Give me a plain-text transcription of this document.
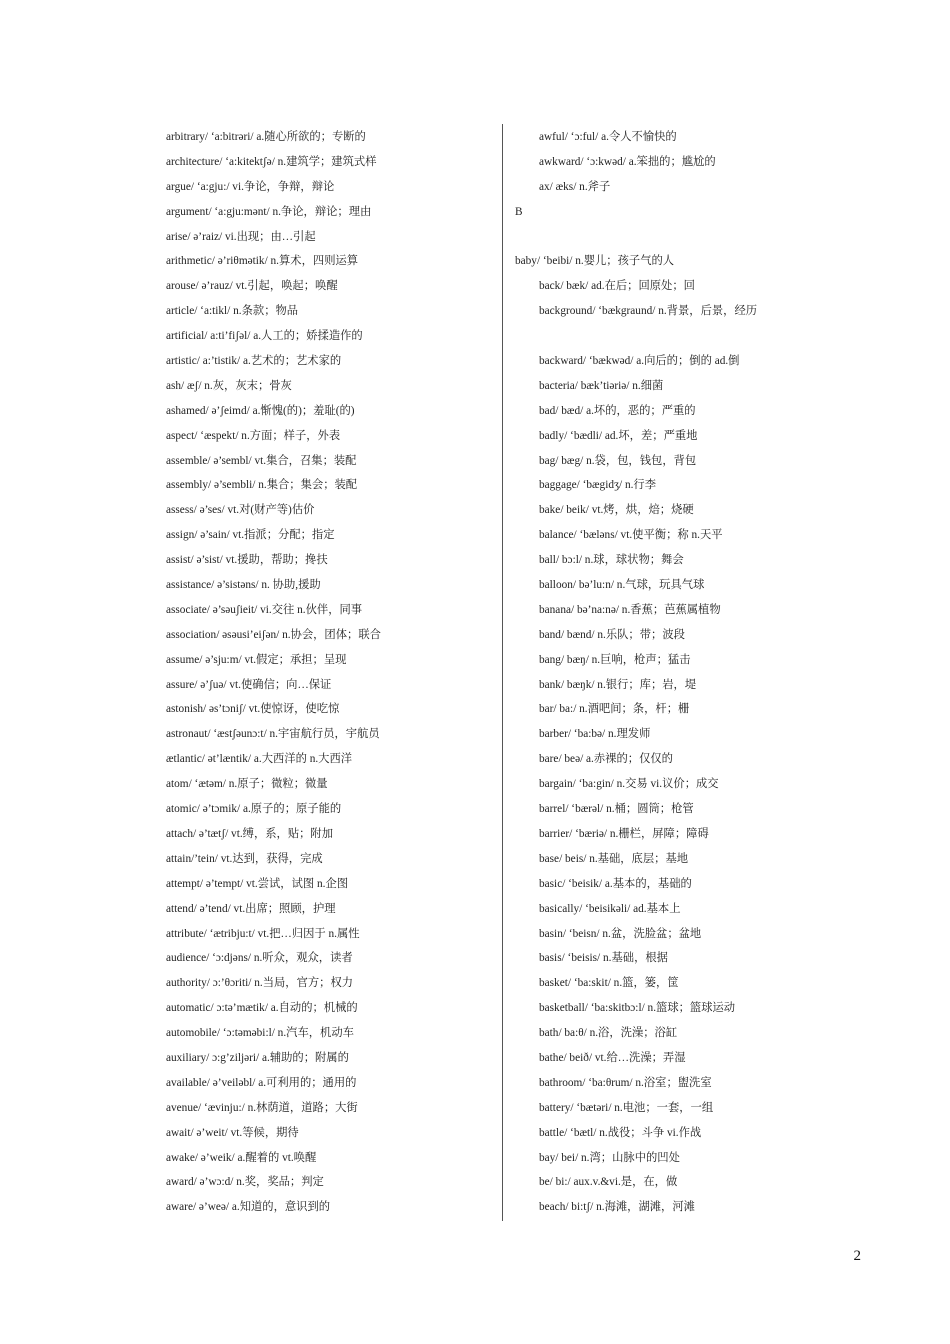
arbitrary/ ‘a:bitrəri/ a.随心所欲的；专断的
architecture/ ‘a:kitektʃə/ n.建筑学；建筑式样
argue/ ‘a:gju:/ vi.争论，争辩，辩论
argument/ ‘a:gju:mənt/ n.争论，辩论；理由
arise/ ə’raiz/ vi.出现；由…引起
arithmetic/ ə’riθmətik/ n.算术，四则运算
arouse/ ə’rauz/ vt.引起，唤起；唤醒
article/ ‘a:tikl/ n.条款；物品
artificial/ a:ti’fiʃəl/ a.人工的；娇揉造作的
artistic/ a:’tistik/ a.艺术的；艺术家的
ash/ æʃ/ n.灰，灰末；骨灰
ashamed/ ə’ʃeimd/ a.惭愧(的)；羞耻(的)
aspect/ ‘æspekt/ n.方面；样子，外表
assemble/ ə’sembl/ vt.集合，召集；装配
assembly/ ə’sembli/ n.集合；集会；装配
assess/ ə’ses/ vt.对(财产等)估价
assign/ ə’sain/ vt.指派；分配；指定
assist/ ə’sist/ vt.援助，帮助；搀扶
assistance/ ə’sistəns/ n. 协助,援助
associate/ ə’səuʃieit/ vi.交往 n.伙伴，同事
association/ əsəusi’eiʃən/ n.协会，团体；联合
assume/ ə’sju:m/ vt.假定；承担；呈现
assure/ ə’ʃuə/ vt.使确信；向…保证
astonish/ əs’tɔniʃ/ vt.使惊讶，使吃惊
astronaut/ ‘æstʃəunɔ:t/ n.宇宙航行员，宇航员
ætlantic/ ət’læntik/ a.大西洋的 n.大西洋
atom/ ‘ætəm/ n.原子；微粒；微量
atomic/ ə’tɔmik/ a.原子的；原子能的
attach/ ə’tætʃ/ vt.缚，系，贴；附加
attain/’tein/ vt.达到，获得，完成
attempt/ ə’tempt/ vt.尝试，试图 n.企图
attend/ ə’tend/ vt.出席；照顾，护理
attribute/ ‘ætribju:t/ vt.把…归因于 n.属性
audience/ ‘ɔ:djəns/ n.听众，观众，读者
authority/ ɔ:’θɔriti/ n.当局，官方；权力
automatic/ ɔ:tə’mætik/ a.自动的；机械的
automobile/ ‘ɔ:təməbi:l/ n.汽车，机动车
auxiliary/ ɔ:g’ziljəri/ a.辅助的；附属的
available/ ə’veiləbl/ a.可利用的；通用的
avenue/ ‘ævinju:/ n.林荫道，道路；大街
await/ ə’weit/ vt.等候，期待
awake/ ə’weik/ a.醒着的 vt.唤醒
award/ ə’wɔ:d/ n.奖，奖品；判定
aware/ ə’weə/ a.知道的，意识到的
awful/ ‘ɔ:ful/ a.令人不愉快的
awkward/ ‘ɔ:kwəd/ a.笨拙的；尴尬的
ax/ æks/ n.斧子
B
baby/ ‘beibi/ n.婴儿；孩子气的人
back/ bæk/ ad.在后；回原处；回
background/ ‘bækgraund/ n.背景，后景，经历
backward/ ‘bækwəd/ a.向后的；倒的 ad.倒
bacteria/ bæk’tiəriə/ n.细菌
bad/ bæd/ a.坏的，恶的；严重的
badly/ ‘bædli/ ad.坏，差；严重地
bag/ bæg/ n.袋，包，钱包，背包
baggage/ ‘bægidʒ/ n.行李
bake/ beik/ vt.烤，烘，焙；烧硬
balance/ ‘bæləns/ vt.使平衡；称 n.天平
ball/ bɔ:l/ n.球，球状物；舞会
balloon/ bə’lu:n/ n.气球，玩具气球
banana/ bə’na:nə/ n.香蕉；芭蕉属植物
band/ bænd/ n.乐队；带；波段
bang/ bæŋ/ n.巨响，枪声；猛击
bank/ bæŋk/ n.银行；库；岩，堤
bar/ ba:/ n.酒吧间；条，杆；栅
barber/ ‘ba:bə/ n.理发师
bare/ beə/ a.赤裸的；仅仅的
bargain/ ‘ba:gin/ n.交易 vi.议价；成交
barrel/ ‘bærəl/ n.桶；圆筒；枪管
barrier/ ‘bæriə/ n.栅栏，屏障；障碍
base/ beis/ n.基础，底层；基地
basic/ ‘beisik/ a.基本的，基础的
basically/ ‘beisikəli/ ad.基本上
basin/ ‘beisn/ n.盆，洗脸盆；盆地
basis/ ‘beisis/ n.基础，根据
basket/ ‘ba:skit/ n.篮，篓，筐
basketball/ ‘ba:skitbɔ:l/ n.篮球；篮球运动
bath/ ba:θ/ n.浴，洗澡；浴缸
bathe/ beið/ vt.给…洗澡；弄湿
bathroom/ ‘ba:θrum/ n.浴室；盥洗室
battery/ ‘bætəri/ n.电池；一套，一组
battle/ ‘bætl/ n.战役；斗争 vi.作战
bay/ bei/ n.湾；山脉中的凹处
be/ bi:/ aux.v.&vi.是，在，做
beach/ bi:tʃ/ n.海滩，湖滩，河滩
2
